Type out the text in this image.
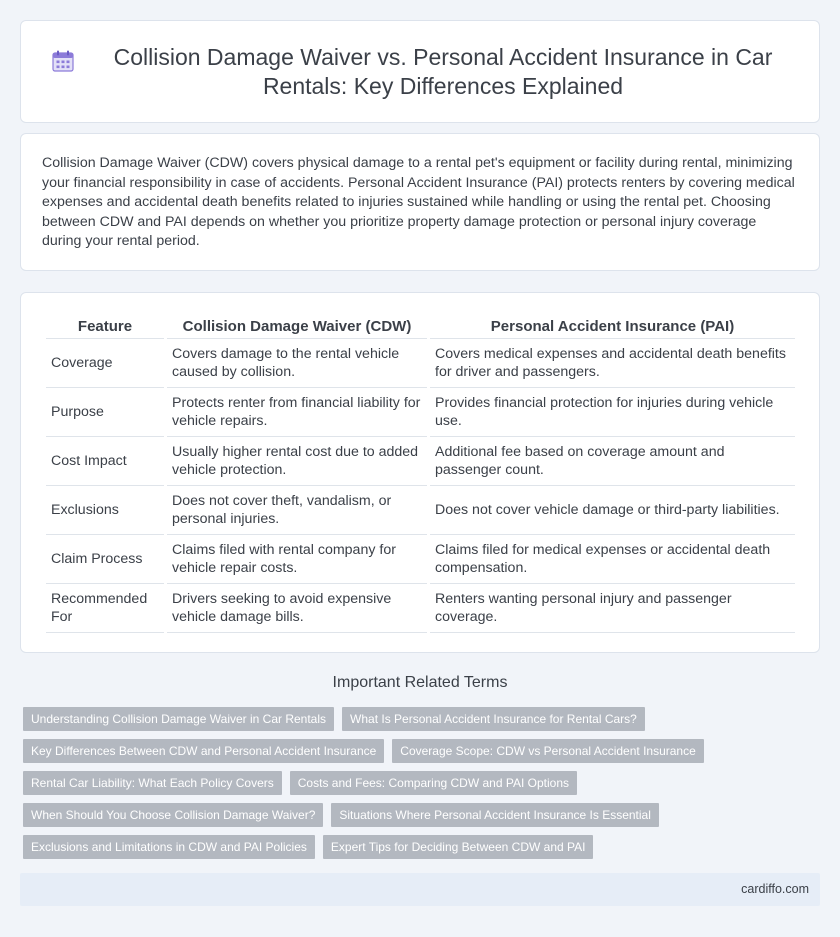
Collision Damage Waiver vs. Personal Accident Insurance in Car Rentals: Key Differences Explained

Collision Damage Waiver (CDW) covers physical damage to a rental pet's equipment or facility during rental, minimizing your financial responsibility in case of accidents. Personal Accident Insurance (PAI) protects renters by covering medical expenses and accidental death benefits related to injuries sustained while handling or using the rental pet. Choosing between CDW and PAI depends on whether you prioritize property damage protection or personal injury coverage during your rental period.

Feature	Collision Damage Waiver (CDW)	Personal Accident Insurance (PAI)
Coverage	Covers damage to the rental vehicle caused by collision.	Covers medical expenses and accidental death benefits for driver and passengers.
Purpose	Protects renter from financial liability for vehicle repairs.	Provides financial protection for injuries during vehicle use.
Cost Impact	Usually higher rental cost due to added vehicle protection.	Additional fee based on coverage amount and passenger count.
Exclusions	Does not cover theft, vandalism, or personal injuries.	Does not cover vehicle damage or third-party liabilities.
Claim Process	Claims filed with rental company for vehicle repair costs.	Claims filed for medical expenses or accidental death compensation.
Recommended For	Drivers seeking to avoid expensive vehicle damage bills.	Renters wanting personal injury and passenger coverage.
Important Related Terms
Understanding Collision Damage Waiver in Car Rentals	What Is Personal Accident Insurance for Rental Cars?
Key Differences Between CDW and Personal Accident Insurance	Coverage Scope: CDW vs Personal Accident Insurance
Rental Car Liability: What Each Policy Covers	Costs and Fees: Comparing CDW and PAI Options
When Should You Choose Collision Damage Waiver?	Situations Where Personal Accident Insurance Is Essential
Exclusions and Limitations in CDW and PAI Policies	Expert Tips for Deciding Between CDW and PAI
cardiffo.com
